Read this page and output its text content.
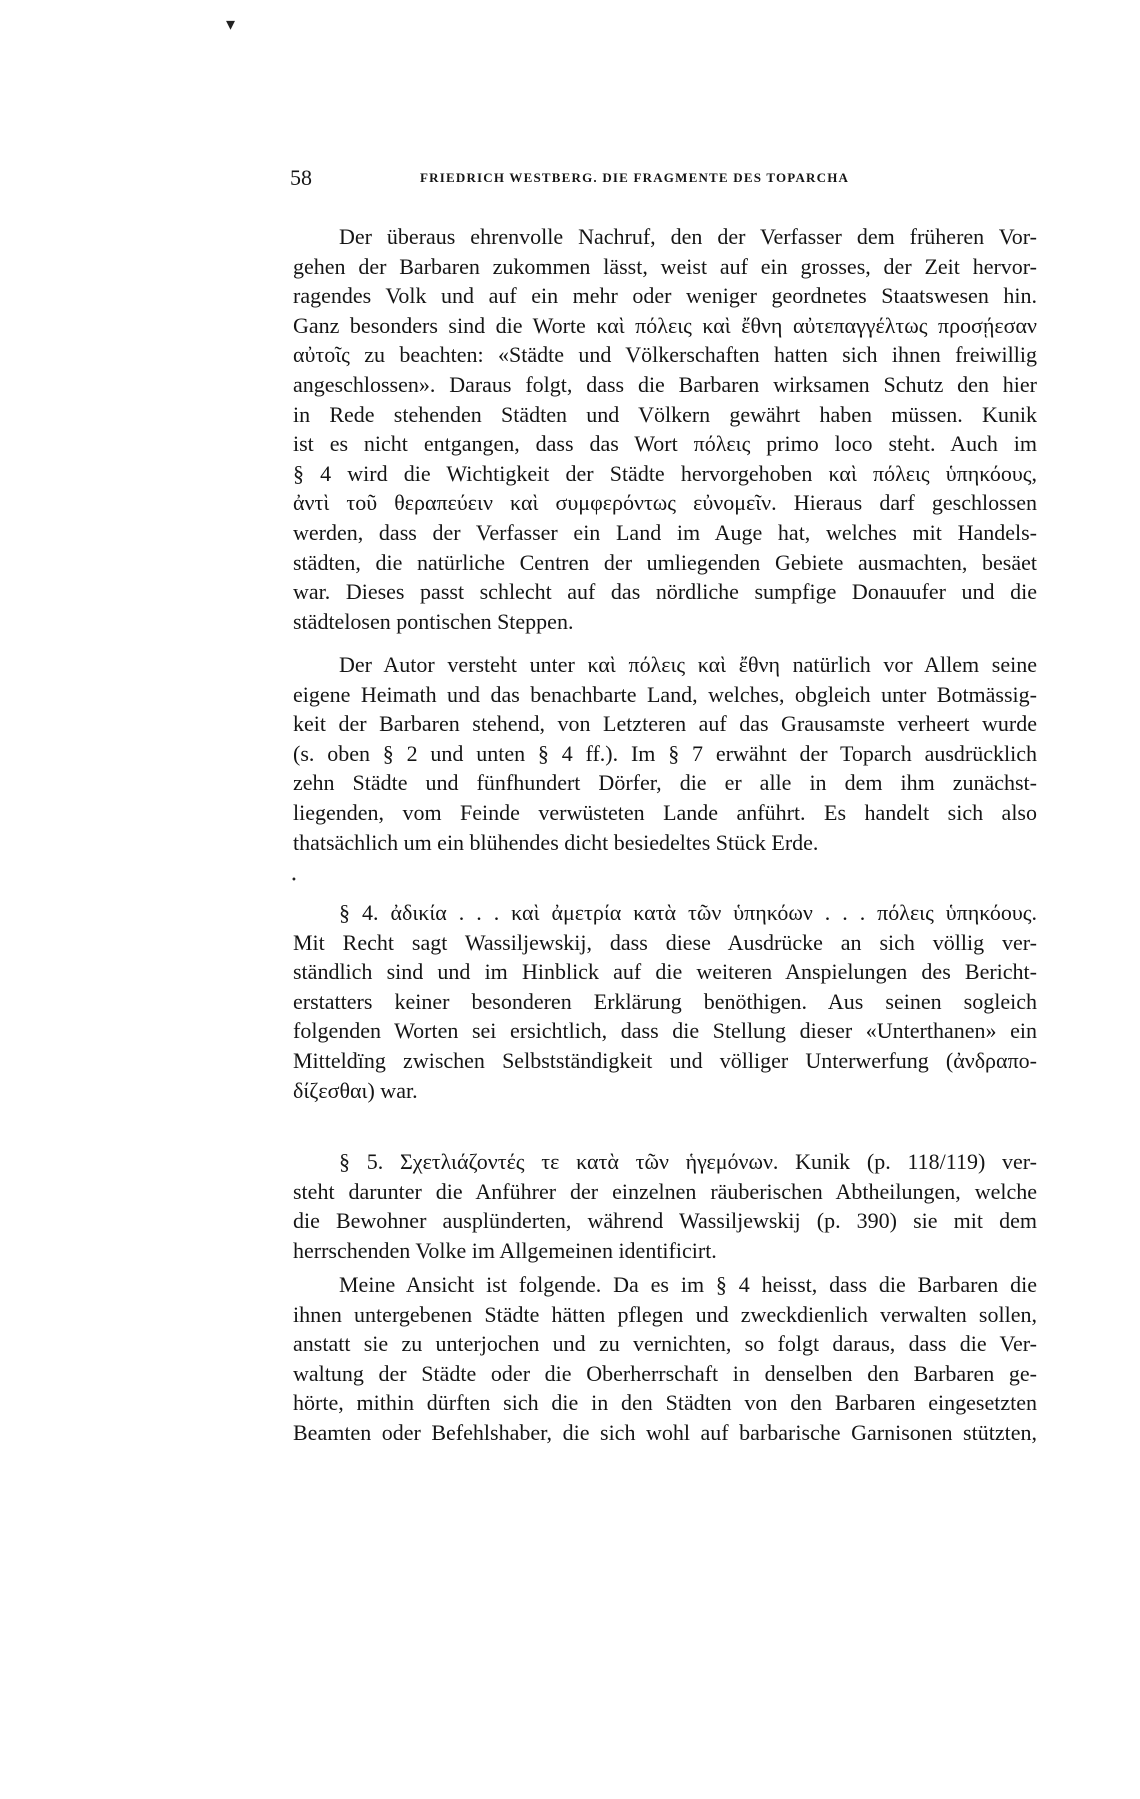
▾
58	FRIEDRICH WESTBERG. DIE FRAGMENTE DES TOPARCHA
Der überaus ehrenvolle Nachruf, den der Verfasser dem früheren Vor-
gehen der Barbaren zukommen lässt, weist auf ein grosses, der Zeit hervor-
ragendes Volk und auf ein mehr oder weniger geordnetes Staatswesen hin.
Ganz besonders sind die Worte καὶ πόλεις καὶ ἔθνη αὐτεπαγγέλτως προσῄεσαν
αὐτοῖς zu beachten: «Städte und Völkerschaften hatten sich ihnen freiwillig
angeschlossen». Daraus folgt, dass die Barbaren wirksamen Schutz den hier
in Rede stehenden Städten und Völkern gewährt haben müssen. Kunik
ist es nicht entgangen, dass das Wort πόλεις primo loco steht. Auch im
§ 4 wird die Wichtigkeit der Städte hervorgehoben καὶ πόλεις ὑπηκόους,
ἀντὶ τοῦ θεραπεύειν καὶ συμφερόντως εὐνομεῖν. Hieraus darf geschlossen
werden, dass der Verfasser ein Land im Auge hat, welches mit Handels-
städten, die natürliche Centren der umliegenden Gebiete ausmachten, besäet
war. Dieses passt schlecht auf das nördliche sumpfige Donauufer und die
städtelosen pontischen Steppen.
Der Autor versteht unter καὶ πόλεις καὶ ἔθνη natürlich vor Allem seine
eigene Heimath und das benachbarte Land, welches, obgleich unter Botmässig-
keit der Barbaren stehend, von Letzteren auf das Grausamste verheert wurde
(s. oben § 2 und unten § 4 ff.). Im § 7 erwähnt der Toparch ausdrücklich
zehn Städte und fünfhundert Dörfer, die er alle in dem ihm zunächst-
liegenden, vom Feinde verwüsteten Lande anführt. Es handelt sich also
thatsächlich um ein blühendes dicht besiedeltes Stück Erde.
•
§ 4. ἀδικία . . . καὶ ἀμετρία κατὰ τῶν ὑπηκόων . . . πόλεις ὑπηκόους.
Mit Recht sagt Wassiljewskij, dass diese Ausdrücke an sich völlig ver-
ständlich sind und im Hinblick auf die weiteren Anspielungen des Bericht-
erstatters keiner besonderen Erklärung benöthigen. Aus seinen sogleich
folgenden Worten sei ersichtlich, dass die Stellung dieser «Unterthanen» ein
Mitteldïng zwischen Selbstständigkeit und völliger Unterwerfung (ἀνδραπο-
δίζεσθαι) war.
§ 5. Σχετλιάζοντές τε κατὰ τῶν ἡγεμόνων. Kunik (p. 118/119) ver-
steht darunter die Anführer der einzelnen räuberischen Abtheilungen, welche
die Bewohner ausplünderten, während Wassiljewskij (p. 390) sie mit dem
herrschenden Volke im Allgemeinen identificirt.
Meine Ansicht ist folgende. Da es im § 4 heisst, dass die Barbaren die
ihnen untergebenen Städte hätten pflegen und zweckdienlich verwalten sollen,
anstatt sie zu unterjochen und zu vernichten, so folgt daraus, dass die Ver-
waltung der Städte oder die Oberherrschaft in denselben den Barbaren ge-
hörte, mithin dürften sich die in den Städten von den Barbaren eingesetzten
Beamten oder Befehlshaber, die sich wohl auf barbarische Garnisonen stützten,
